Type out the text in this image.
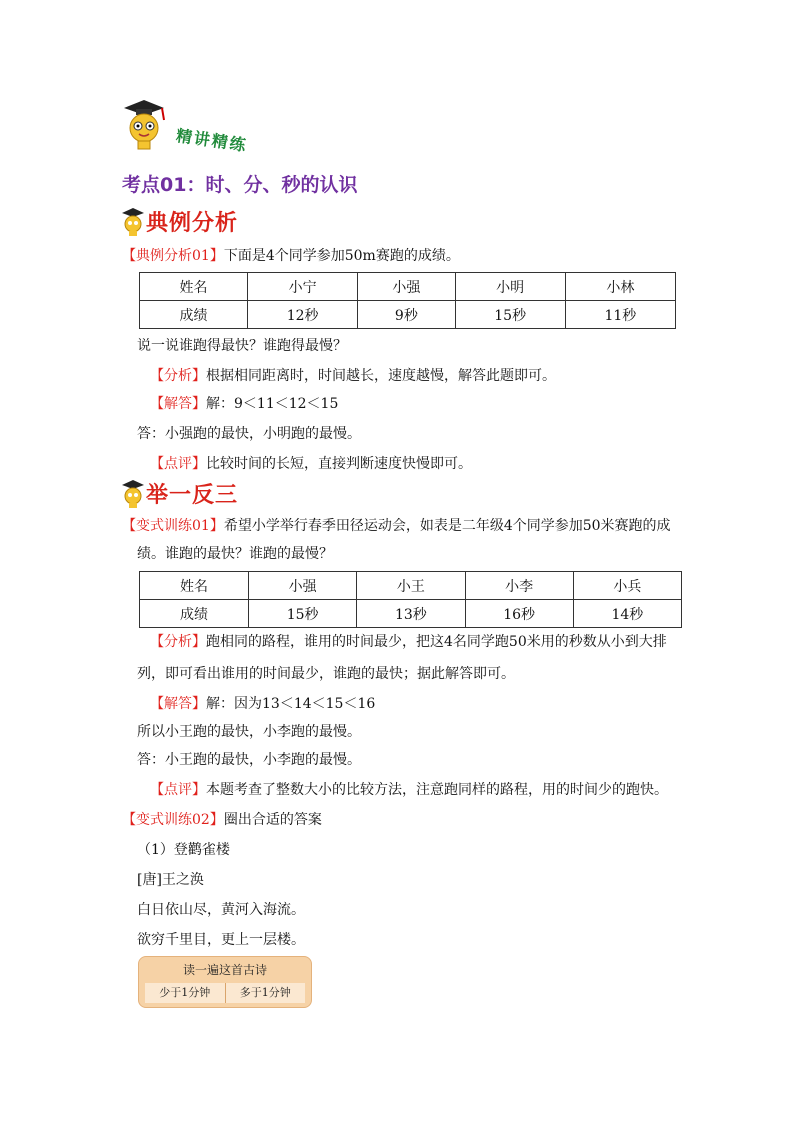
精讲精练
考点01：时、分、秒的认识
典例分析
【典例分析01】下面是4个同学参加50m赛跑的成绩。
姓名	小宁	小强	小明	小林
成绩	12秒	9秒	15秒	11秒
说一说谁跑得最快？谁跑得最慢？
【分析】根据相同距离时，时间越长，速度越慢，解答此题即可。
【解答】解：9＜11＜12＜15
答：小强跑的最快，小明跑的最慢。
【点评】比较时间的长短，直接判断速度快慢即可。
举一反三
【变式训练01】希望小学举行春季田径运动会，如表是二年级4个同学参加50米赛跑的成
绩。谁跑的最快？谁跑的最慢？
姓名	小强	小王	小李	小兵
成绩	15秒	13秒	16秒	14秒
【分析】跑相同的路程，谁用的时间最少，把这4名同学跑50米用的秒数从小到大排
列，即可看出谁用的时间最少，谁跑的最快；据此解答即可。
【解答】解：因为13＜14＜15＜16
所以小王跑的最快，小李跑的最慢。
答：小王跑的最快，小李跑的最慢。
【点评】本题考查了整数大小的比较方法，注意跑同样的路程，用的时间少的跑快。
【变式训练02】圈出合适的答案
（1）登鹳雀楼
[唐]王之涣
白日依山尽，黄河入海流。
欲穷千里目，更上一层楼。
读一遍这首古诗
少于1分钟	多于1分钟
